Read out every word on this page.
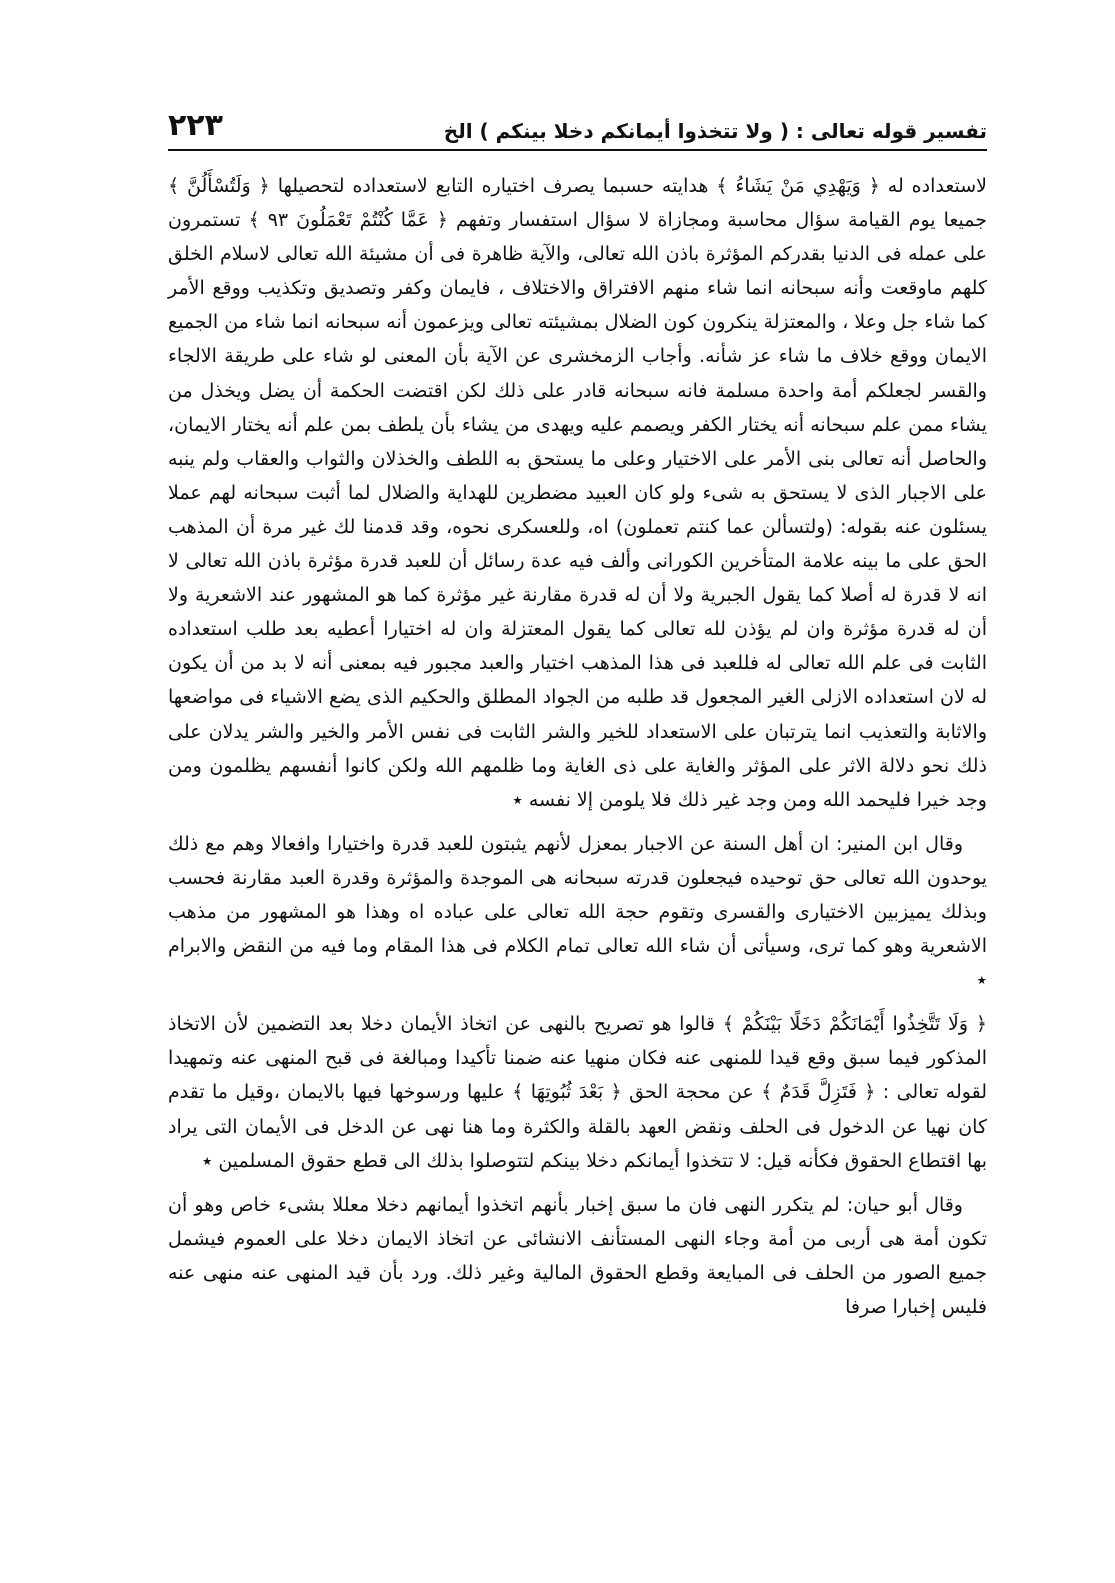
تفسير قوله تعالى : ( ولا تتخذوا أيمانكم دخلا بينكم ) الخ
٢٢٣

لاستعداده له ﴿ وَيَهْدِي مَنْ يَشَاءُ ﴾ هدايته حسبما يصرف اختياره التابع لاستعداده لتحصيلها ﴿ وَلَتُسْأَلُنَّ ﴾ جميعا يوم القيامة سؤال محاسبة ومجازاة لا سؤال استفسار وتفهم ﴿ عَمَّا كُنْتُمْ تَعْمَلُونَ ٩٣ ﴾ تستمرون على عمله فى الدنيا بقدركم المؤثرة باذن الله تعالى، والآية ظاهرة فى أن مشيئة الله تعالى لاسلام الخلق كلهم ماوقعت وأنه سبحانه انما شاء منهم الافتراق والاختلاف ، فايمان وكفر وتصديق وتكذيب ووقع الأمر كما شاء جل وعلا ، والمعتزلة ينكرون كون الضلال بمشيئته تعالى ويزعمون أنه سبحانه انما شاء من الجميع الايمان ووقع خلاف ما شاء عز شأنه. وأجاب الزمخشرى عن الآية بأن المعنى لو شاء على طريقة الالجاء والقسر لجعلكم أمة واحدة مسلمة فانه سبحانه قادر على ذلك لكن اقتضت الحكمة أن يضل ويخذل من يشاء ممن علم سبحانه أنه يختار الكفر ويصمم عليه ويهدى من يشاء بأن يلطف بمن علم أنه يختار الايمان، والحاصل أنه تعالى بنى الأمر على الاختيار وعلى ما يستحق به اللطف والخذلان والثواب والعقاب ولم ينبه على الاجبار الذى لا يستحق به شىء ولو كان العبيد مضطرين للهداية والضلال لما أثبت سبحانه لهم عملا يسئلون عنه بقوله: (ولتسألن عما كنتم تعملون) اه، وللعسكرى نحوه، وقد قدمنا لك غير مرة أن المذهب الحق على ما بينه علامة المتأخرين الكورانى وألف فيه عدة رسائل أن للعبد قدرة مؤثرة باذن الله تعالى لا انه لا قدرة له أصلا كما يقول الجبرية ولا أن له قدرة مقارنة غير مؤثرة كما هو المشهور عند الاشعرية ولا أن له قدرة مؤثرة وان لم يؤذن لله تعالى كما يقول المعتزلة وان له اختيارا أعطيه بعد طلب استعداده الثابت فى علم الله تعالى له فللعبد فى هذا المذهب اختيار والعبد مجبور فيه بمعنى أنه لا بد من أن يكون له لان استعداده الازلى الغير المجعول قد طلبه من الجواد المطلق والحكيم الذى يضع الاشياء فى مواضعها والاثابة والتعذيب انما يترتبان على الاستعداد للخير والشر الثابت فى نفس الأمر والخير والشر يدلان على ذلك نحو دلالة الاثر على المؤثر والغاية على ذى الغاية وما ظلمهم الله ولكن كانوا أنفسهم يظلمون ومن وجد خيرا فليحمد الله ومن وجد غير ذلك فلا يلومن إلا نفسه ٭

وقال ابن المنير: ان أهل السنة عن الاجبار بمعزل لأنهم يثبتون للعبد قدرة واختيارا وافعالا وهم مع ذلك يوحدون الله تعالى حق توحيده فيجعلون قدرته سبحانه هى الموجدة والمؤثرة وقدرة العبد مقارنة فحسب وبذلك يميزبين الاختيارى والقسرى وتقوم حجة الله تعالى على عباده اه وهذا هو المشهور من مذهب الاشعرية وهو كما ترى، وسيأتى أن شاء الله تعالى تمام الكلام فى هذا المقام وما فيه من النقض والابرام ٭

﴿ وَلَا تَتَّخِذُوا أَيْمَانَكُمْ دَخَلًا بَيْنَكُمْ ﴾ قالوا هو تصريح بالنهى عن اتخاذ الأيمان دخلا بعد التضمين لأن الاتخاذ المذكور فيما سبق وقع قيدا للمنهى عنه فكان منهيا عنه ضمنا تأكيدا ومبالغة فى قبح المنهى عنه وتمهيدا لقوله تعالى : ﴿ فَتَزِلَّ قَدَمٌ ﴾ عن محجة الحق ﴿ بَعْدَ ثُبُوتِهَا ﴾ عليها ورسوخها فيها بالايمان ،وقيل ما تقدم كان نهيا عن الدخول فى الحلف ونقض العهد بالقلة والكثرة وما هنا نهى عن الدخل فى الأيمان التى يراد بها اقتطاع الحقوق فكأنه قيل: لا تتخذوا أيمانكم دخلا بينكم لتتوصلوا بذلك الى قطع حقوق المسلمين ٭

وقال أبو حيان: لم يتكرر النهى فان ما سبق إخبار بأنهم اتخذوا أيمانهم دخلا معللا بشىء خاص وهو أن تكون أمة هى أربى من أمة وجاء النهى المستأنف الانشائى عن اتخاذ الايمان دخلا على العموم فيشمل جميع الصور من الحلف فى المبايعة وقطع الحقوق المالية وغير ذلك. ورد بأن قيد المنهى عنه منهى عنه فليس إخبارا صرفا
